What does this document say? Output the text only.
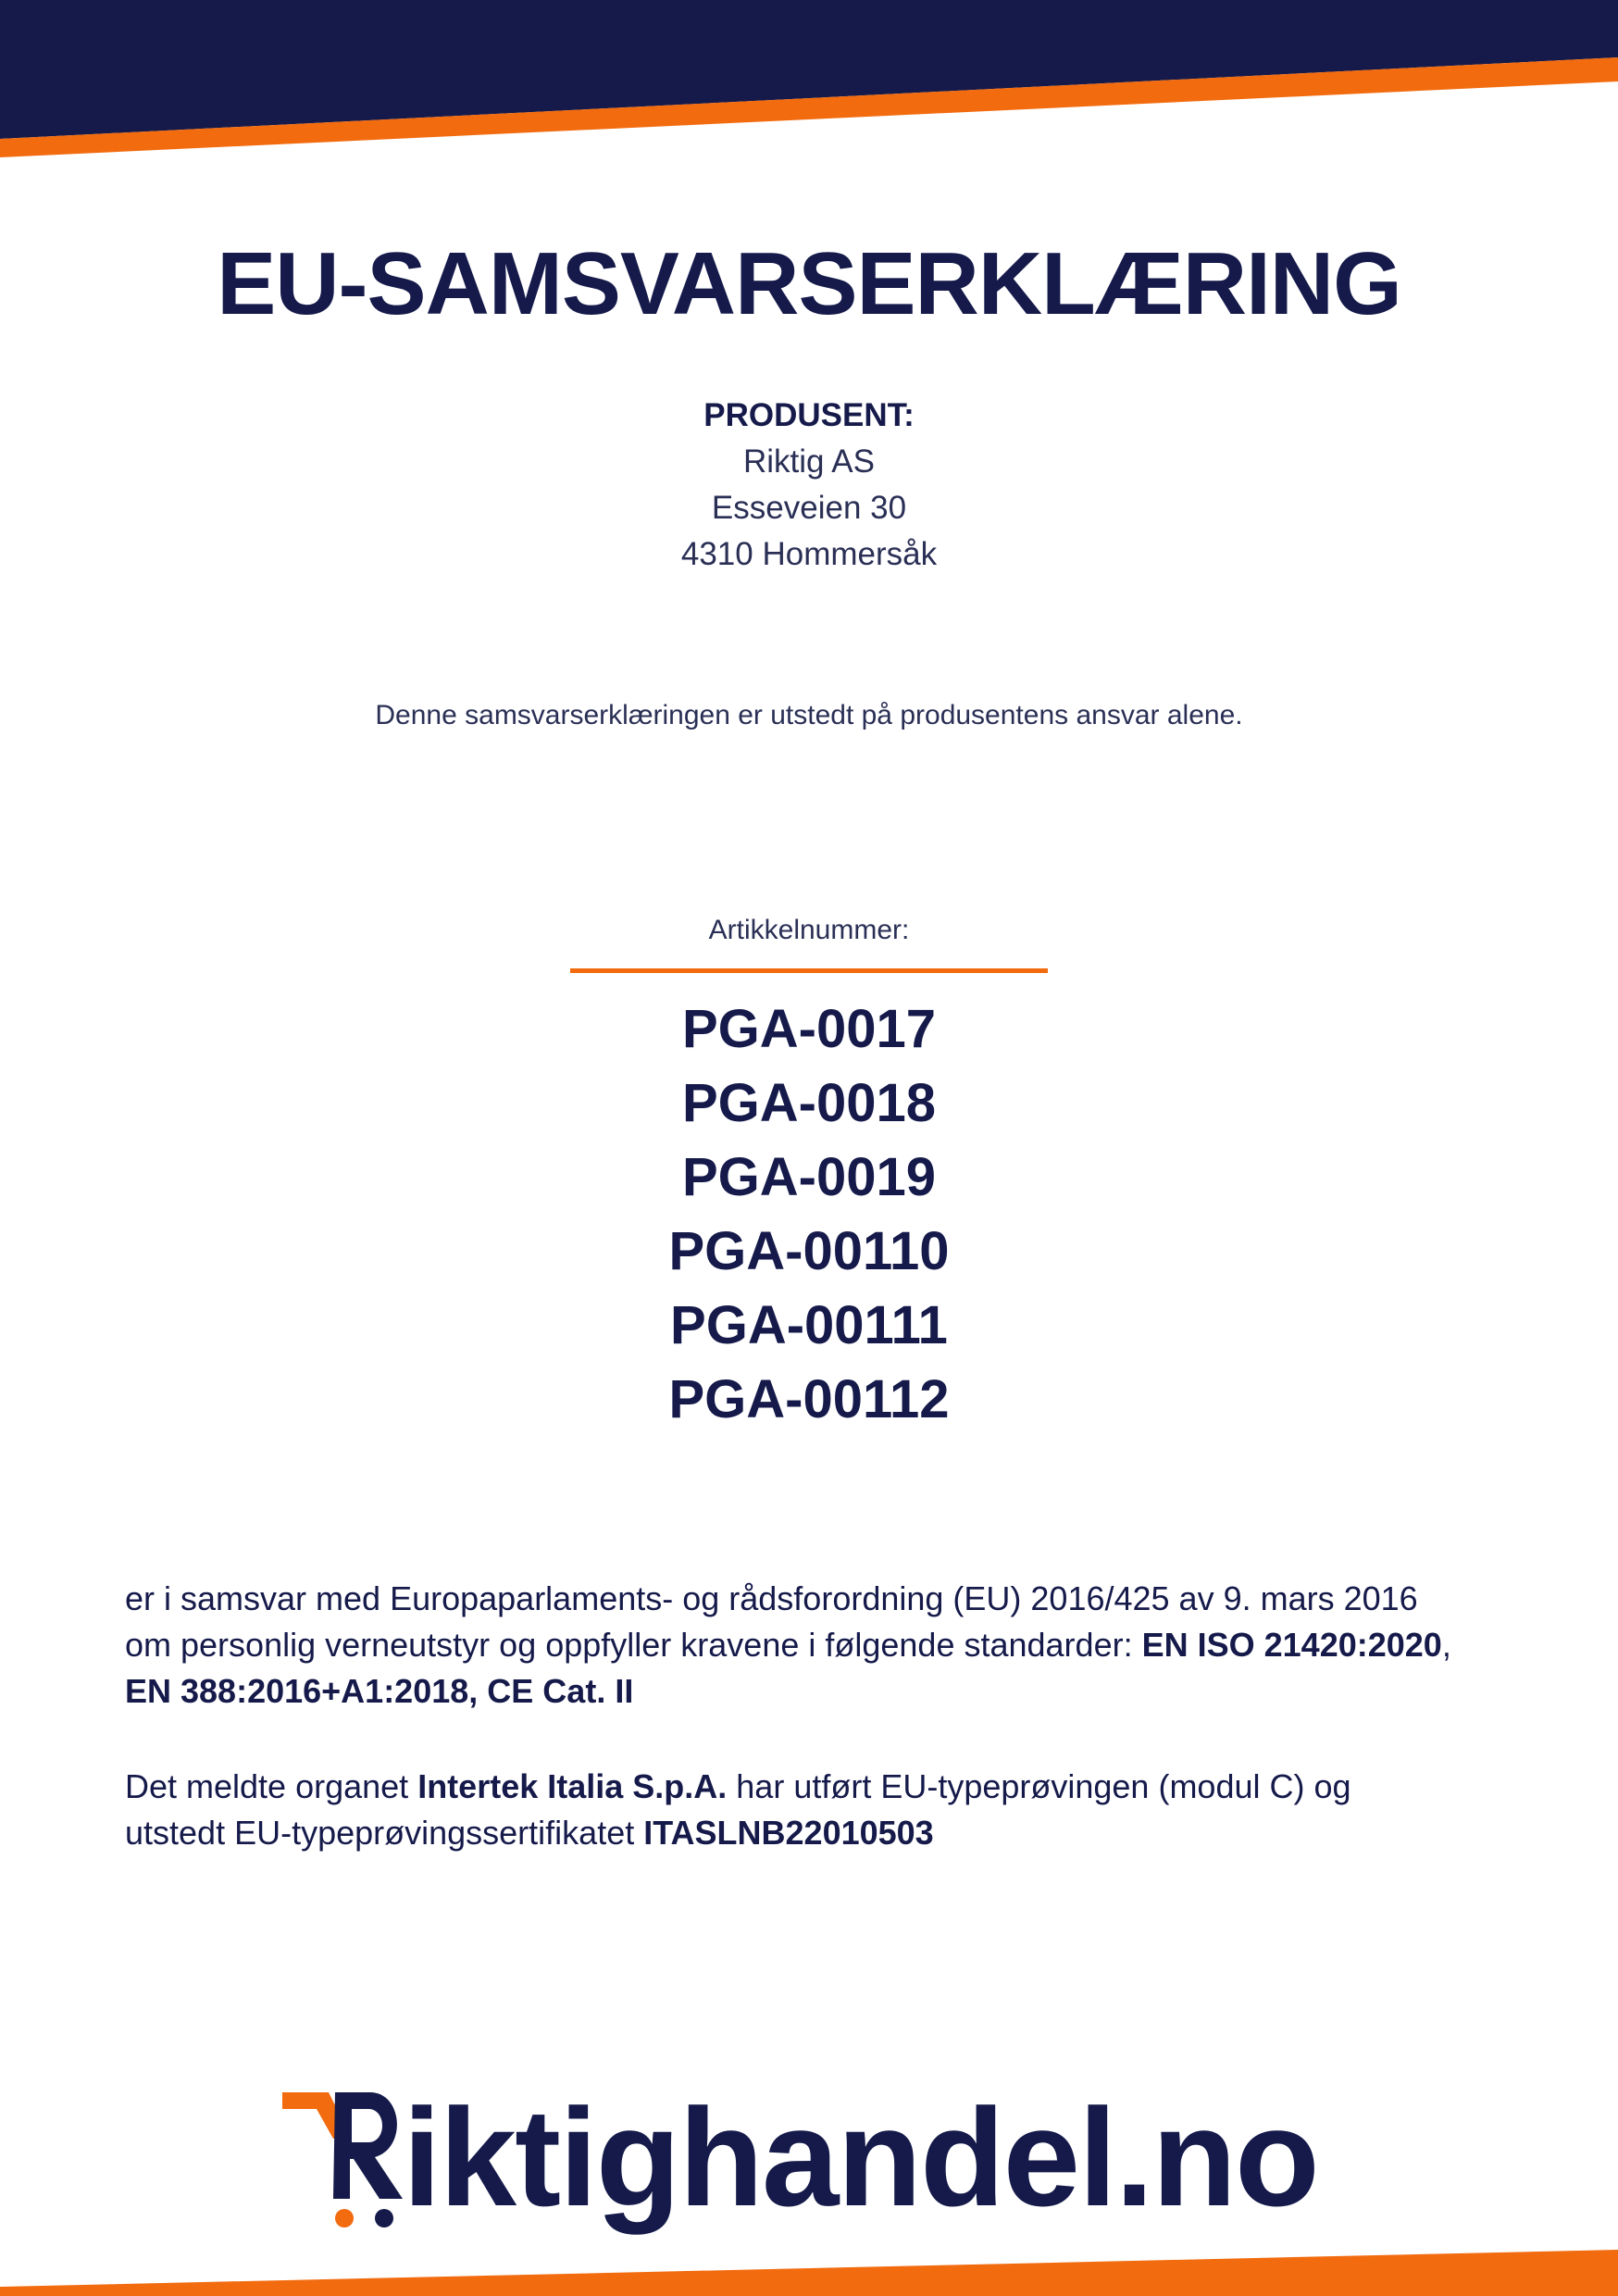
EU-SAMSVARSERKLÆRING
PRODUSENT:
Riktig AS
Esseveien 30
4310 Hommersåk
Denne samsvarserklæringen er utstedt på produsentens ansvar alene.
Artikkelnummer:
PGA-0017
PGA-0018
PGA-0019
PGA-00110
PGA-00111
PGA-00112
er i samsvar med Europaparlaments- og rådsforordning (EU) 2016/425 av 9. mars 2016
om personlig verneutstyr og oppfyller kravene i følgende standarder: EN ISO 21420:2020,
EN 388:2016+A1:2018, CE Cat. II
Det meldte organet Intertek Italia S.p.A. har utført EU-typeprøvingen (modul C) og
utstedt EU-typeprøvingssertifikatet ITASLNB22010503
iktighandel.no
